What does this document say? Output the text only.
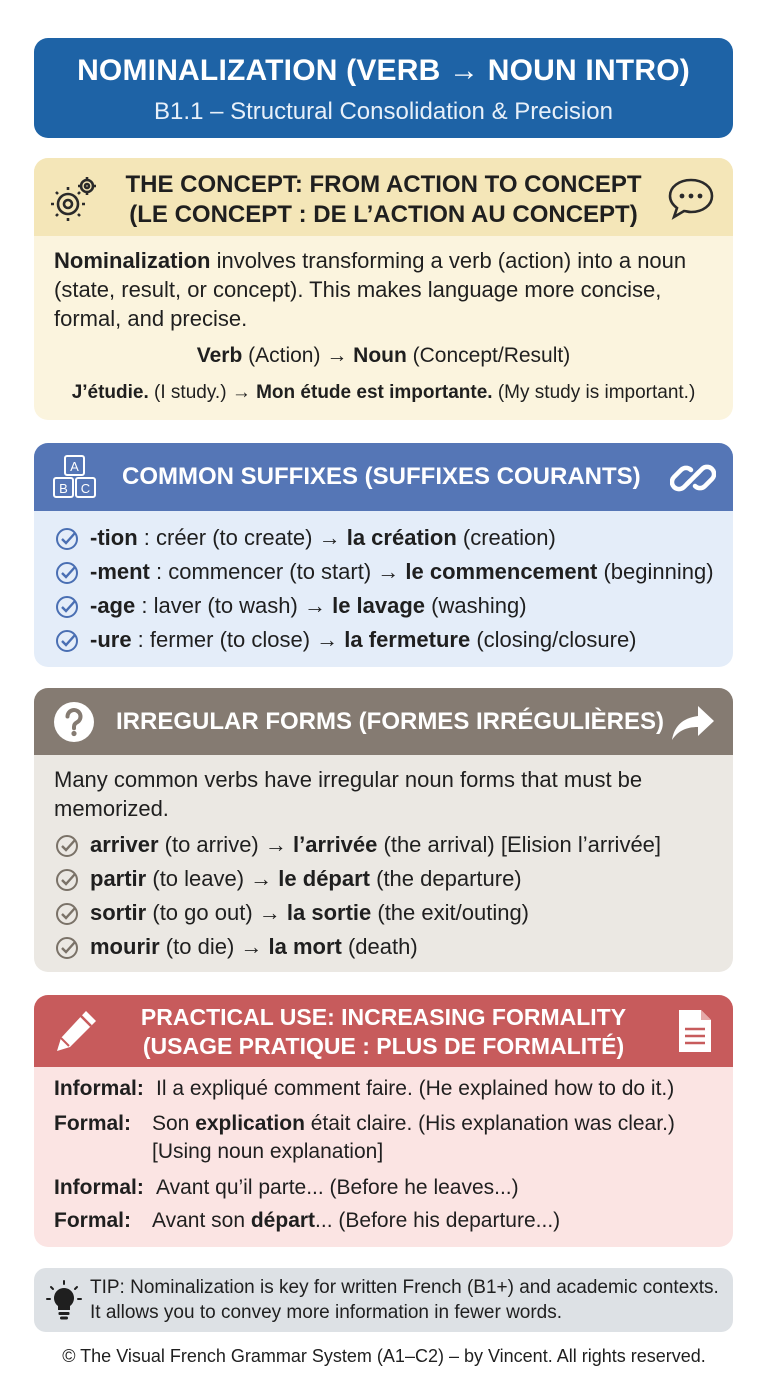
NOMINALIZATION (VERB → NOUN INTRO)
B1.1 – Structural Consolidation & Precision
THE CONCEPT: FROM ACTION TO CONCEPT
(LE CONCEPT : DE L’ACTION AU CONCEPT)
Nominalization involves transforming a verb (action) into a noun (state, result, or concept). This makes language more concise, formal, and precise.
Verb (Action) → Noun (Concept/Result)
J’étudie. (I study.) → Mon étude est importante. (My study is important.)
A
B C COMMON SUFFIXES (SUFFIXES COURANTS)
-tion : créer (to create) → la création (creation)
-ment : commencer (to start) → le commencement (beginning)
-age : laver (to wash) → le lavage (washing)
-ure : fermer (to close) → la fermeture (closing/closure)
IRREGULAR FORMS (FORMES IRRÉGULIÈRES)
Many common verbs have irregular noun forms that must be memorized.
arriver (to arrive) → l’arrivée (the arrival) [Elision l’arrivée]
partir (to leave) → le départ (the departure)
sortir (to go out) → la sortie (the exit/outing)
mourir (to die) → la mort (death)
PRACTICAL USE: INCREASING FORMALITY
(USAGE PRATIQUE : PLUS DE FORMALITÉ)
Informal: Il a expliqué comment faire. (He explained how to do it.)
Formal: Son explication était claire. (His explanation was clear.)
[Using noun explanation]
Informal: Avant qu’il parte... (Before he leaves...)
Formal: Avant son départ... (Before his departure...)
TIP: Nominalization is key for written French (B1+) and academic contexts.
It allows you to convey more information in fewer words.
© The Visual French Grammar System (A1–C2) – by Vincent. All rights reserved.
